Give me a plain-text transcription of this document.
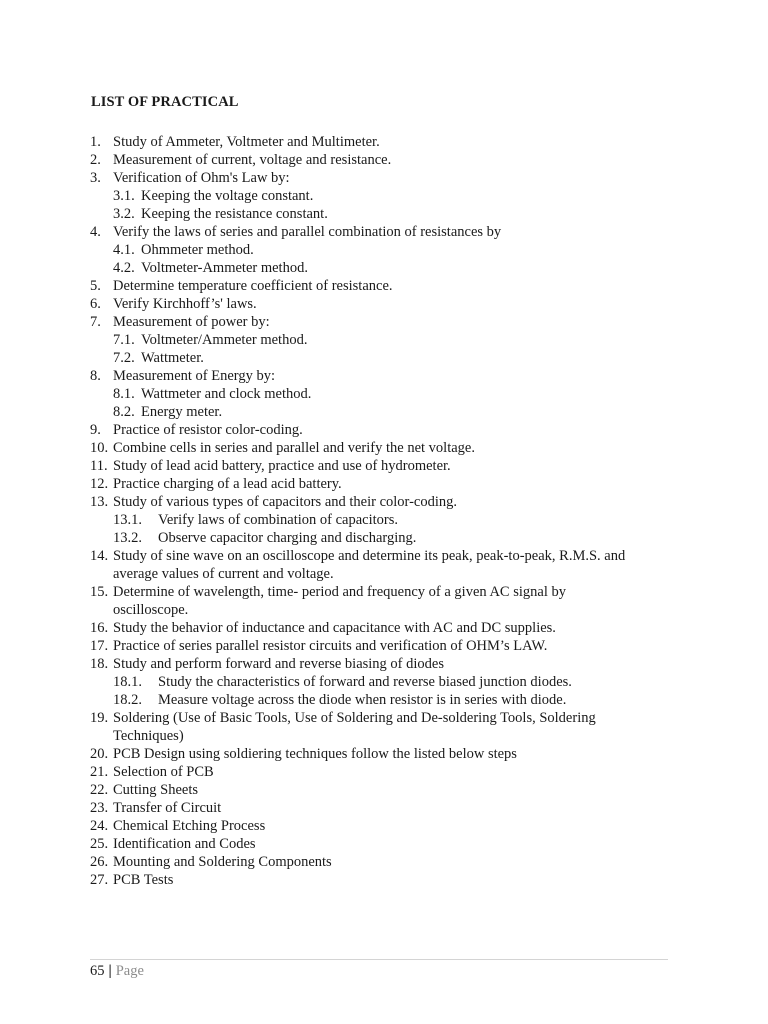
LIST OF PRACTICAL
1. Study of Ammeter, Voltmeter and Multimeter.
2. Measurement of current, voltage and resistance.
3. Verification of Ohm's Law by:
3.1. Keeping the voltage constant.
3.2. Keeping the resistance constant.
4. Verify the laws of series and parallel combination of resistances by
4.1. Ohmmeter method.
4.2. Voltmeter-Ammeter method.
5. Determine temperature coefficient of resistance.
6. Verify Kirchhoff’s' laws.
7. Measurement of power by:
7.1. Voltmeter/Ammeter method.
7.2. Wattmeter.
8. Measurement of Energy by:
8.1. Wattmeter and clock method.
8.2. Energy meter.
9. Practice of resistor color-coding.
10. Combine cells in series and parallel and verify the net voltage.
11. Study of lead acid battery, practice and use of hydrometer.
12. Practice charging of a lead acid battery.
13. Study of various types of capacitors and their color-coding.
13.1.	Verify laws of combination of capacitors.
13.2.	Observe capacitor charging and discharging.
14. Study of sine wave on an oscilloscope and determine its peak, peak-to-peak, R.M.S. and
average values of current and voltage.
15. Determine of wavelength, time- period and frequency of a given AC signal by
oscilloscope.
16. Study the behavior of inductance and capacitance with AC and DC supplies.
17. Practice of series parallel resistor circuits and verification of OHM’s LAW.
18. Study and perform forward and reverse biasing of diodes
18.1.	Study the characteristics of forward and reverse biased junction diodes.
18.2.	Measure voltage across the diode when resistor is in series with diode.
19. Soldering (Use of Basic Tools, Use of Soldering and De-soldering Tools, Soldering
Techniques)
20. PCB Design using soldiering techniques follow the listed below steps
21. Selection of PCB
22. Cutting Sheets
23. Transfer of Circuit
24. Chemical Etching Process
25. Identification and Codes
26. Mounting and Soldering Components
27. PCB Tests
65 | Page
